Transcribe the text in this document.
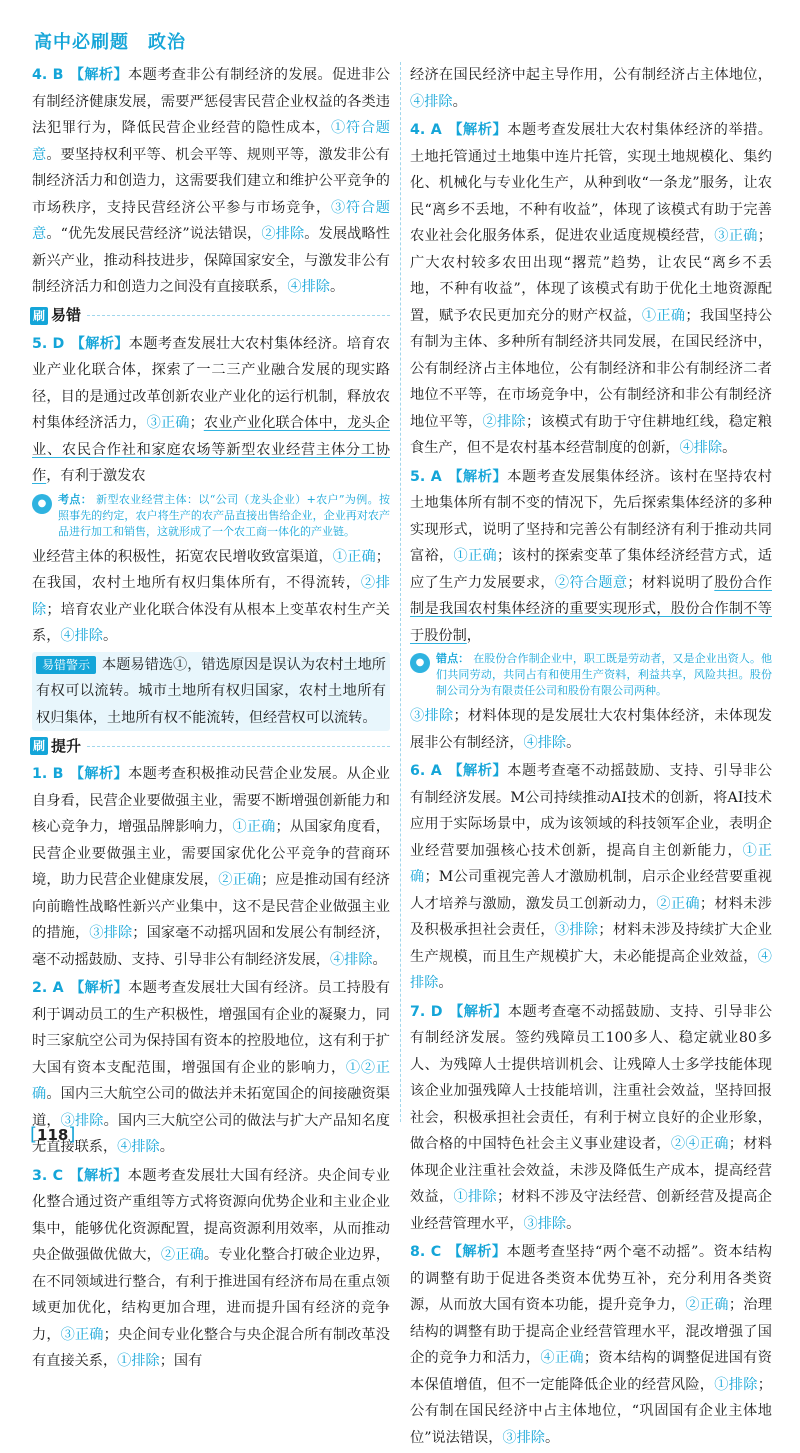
高中必刷题　政治

4. B 【解析】本题考查非公有制经济的发展。促进非公有制经济健康发展，需要严惩侵害民营企业权益的各类违法犯罪行为，降低民营企业经营的隐性成本，①符合题意。要坚持权利平等、机会平等、规则平等，激发非公有制经济活力和创造力，这需要我们建立和维护公平竞争的市场秩序，支持民营经济公平参与市场竞争，③符合题意。“优先发展民营经济”说法错误，②排除。发展战略性新兴产业，推动科技进步，保障国家安全，与激发非公有制经济活力和创造力之间没有直接联系，④排除。

刷 易错

5. D 【解析】本题考查发展壮大农村集体经济。培育农业产业化联合体，探索了一二三产业融合发展的现实路径，目的是通过改革创新农业产业化的运行机制，释放农村集体经济活力，③正确；农业产业化联合体中，龙头企业、农民合作社和家庭农场等新型农业经营主体分工协作，有利于激发农

●	考点： 新型农业经营主体：以“公司（龙头企业）+农户”为例。按照事先的约定，农户将生产的农产品直接出售给企业，企业再对农产品进行加工和销售，这就形成了一个农工商一体化的产业链。

业经营主体的积极性，拓宽农民增收致富渠道，①正确；在我国，农村土地所有权归集体所有，不得流转，②排除；培育农业产业化联合体没有从根本上变革农村生产关系，④排除。

易错警示 本题易错选①，错选原因是误认为农村土地所有权可以流转。城市土地所有权归国家，农村土地所有权归集体，土地所有权不能流转，但经营权可以流转。
刷 提升

1. B 【解析】本题考查积极推动民营企业发展。从企业自身看，民营企业要做强主业，需要不断增强创新能力和核心竞争力，增强品牌影响力，①正确；从国家角度看，民营企业要做强主业，需要国家优化公平竞争的营商环境，助力民营企业健康发展，②正确；应是推动国有经济向前瞻性战略性新兴产业集中，这不是民营企业做强主业的措施，③排除；国家毫不动摇巩固和发展公有制经济，毫不动摇鼓励、支持、引导非公有制经济发展，④排除。

2. A 【解析】本题考查发展壮大国有经济。员工持股有利于调动员工的生产积极性，增强国有企业的凝聚力，同时三家航空公司为保持国有资本的控股地位，这有利于扩大国有资本支配范围，增强国有企业的影响力，①②正确。国内三大航空公司的做法并未拓宽国企的间接融资渠道，③排除。国内三大航空公司的做法与扩大产品知名度无直接联系，④排除。

3. C 【解析】本题考查发展壮大国有经济。央企间专业化整合通过资产重组等方式将资源向优势企业和主业企业集中，能够优化资源配置，提高资源利用效率，从而推动央企做强做优做大，②正确。专业化整合打破企业边界，在不同领域进行整合，有利于推进国有经济布局在重点领域更加优化，结构更加合理，进而提升国有经济的竞争力，③正确；央企间专业化整合与央企混合所有制改革没有直接关系，①排除；国有

经济在国民经济中起主导作用，公有制经济占主体地位，④排除。

4. A 【解析】本题考查发展壮大农村集体经济的举措。土地托管通过土地集中连片托管，实现土地规模化、集约化、机械化与专业化生产，从种到收“一条龙”服务，让农民“离乡不丢地，不种有收益”，体现了该模式有助于完善农业社会化服务体系，促进农业适度规模经营，③正确；广大农村较多农田出现“撂荒”趋势，让农民“离乡不丢地，不种有收益”，体现了该模式有助于优化土地资源配置，赋予农民更加充分的财产权益，①正确；我国坚持公有制为主体、多种所有制经济共同发展，在国民经济中，公有制经济占主体地位，公有制经济和非公有制经济二者地位不平等，在市场竞争中，公有制经济和非公有制经济地位平等，②排除；该模式有助于守住耕地红线，稳定粮食生产，但不是农村基本经营制度的创新，④排除。

5. A 【解析】本题考查发展集体经济。该村在坚持农村土地集体所有制不变的情况下，先后探索集体经济的多种实现形式，说明了坚持和完善公有制经济有利于推动共同富裕，①正确；该村的探索变革了集体经济经营方式，适应了生产力发展要求，②符合题意；材料说明了股份合作制是我国农村集体经济的重要实现形式，股份合作制不等于股份制，

●	错点： 在股份合作制企业中，职工既是劳动者，又是企业出资人。他们共同劳动，共同占有和使用生产资料，利益共享，风险共担。股份制公司分为有限责任公司和股份有限公司两种。

③排除；材料体现的是发展壮大农村集体经济，未体现发展非公有制经济，④排除。

6. A 【解析】本题考查毫不动摇鼓励、支持、引导非公有制经济发展。M公司持续推动AI技术的创新，将AI技术应用于实际场景中，成为该领域的科技领军企业，表明企业经营要加强核心技术创新，提高自主创新能力，①正确；M公司重视完善人才激励机制，启示企业经营要重视人才培养与激励，激发员工创新动力，②正确；材料未涉及积极承担社会责任，③排除；材料未涉及持续扩大企业生产规模，而且生产规模扩大，未必能提高企业效益，④排除。

7. D 【解析】本题考查毫不动摇鼓励、支持、引导非公有制经济发展。签约残障员工100多人、稳定就业80多人、为残障人士提供培训机会、让残障人士多学技能体现该企业加强残障人士技能培训，注重社会效益，坚持回报社会，积极承担社会责任，有利于树立良好的企业形象，做合格的中国特色社会主义事业建设者，②④正确；材料体现企业注重社会效益，未涉及降低生产成本，提高经营效益，①排除；材料不涉及守法经营、创新经营及提高企业经营管理水平，③排除。

8. C 【解析】本题考查坚持“两个毫不动摇”。资本结构的调整有助于促进各类资本优势互补，充分利用各类资源，从而放大国有资本功能，提升竞争力，②正确；治理结构的调整有助于提高企业经营管理水平，混改增强了国企的竞争力和活力，④正确；资本结构的调整促进国有资本保值增值，但不一定能降低企业的经营风险，①排除；公有制在国民经济中占主体地位，“巩固国有企业主体地位”说法错误，③排除。

[118]
